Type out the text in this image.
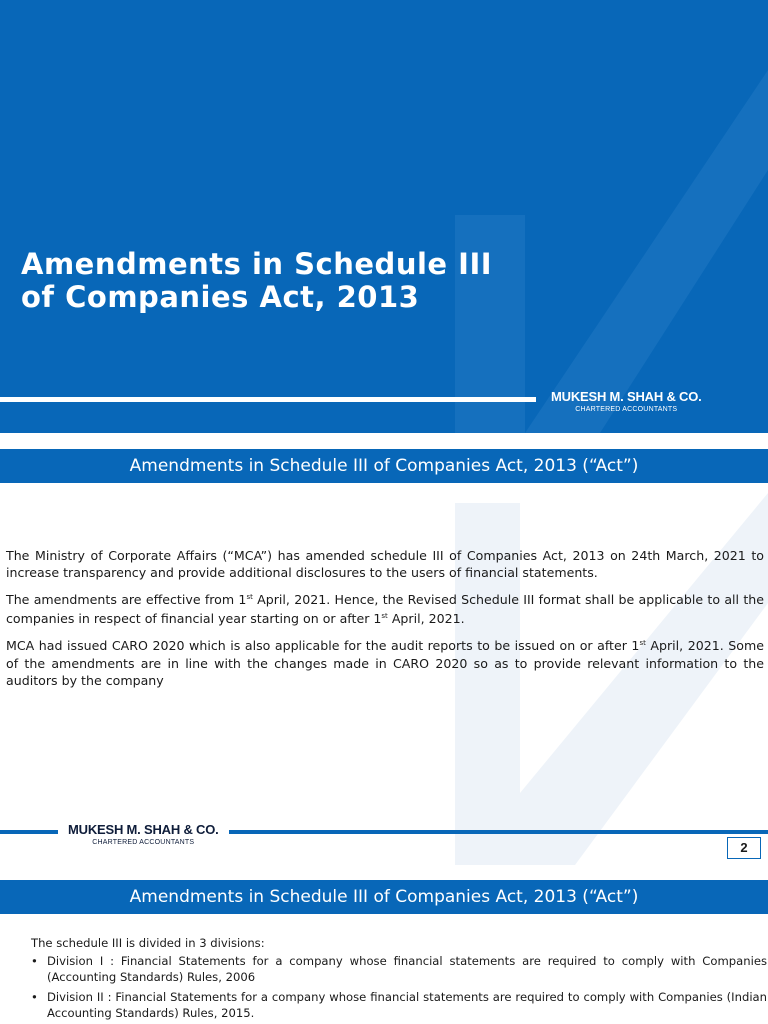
Amendments in Schedule III
of Companies Act, 2013
MUKESH M. SHAH & CO.
CHARTERED ACCOUNTANTS
Amendments in Schedule III of Companies Act, 2013 (“Act”)

The Ministry of Corporate Affairs (“MCA”) has amended schedule III of Companies Act, 2013 on 24th March, 2021 to increase transparency and provide additional disclosures to the users of financial statements.

The amendments are effective from 1st April, 2021. Hence, the Revised Schedule III format shall be applicable to all the companies in respect of financial year starting on or after 1st April, 2021.

MCA had issued CARO 2020 which is also applicable for the audit reports to be issued on or after 1st April, 2021. Some of the amendments are in line with the changes made in CARO 2020 so as to provide relevant information to the auditors by the company

MUKESH M. SHAH & CO.
CHARTERED ACCOUNTANTS	2
Amendments in Schedule III of Companies Act, 2013 (“Act”)

The schedule III is divided in 3 divisions:

• Division I : Financial Statements for a company whose financial statements are required to comply with Companies (Accounting Standards) Rules, 2006
• Division II : Financial Statements for a company whose financial statements are required to comply with Companies (Indian Accounting Standards) Rules, 2015.
